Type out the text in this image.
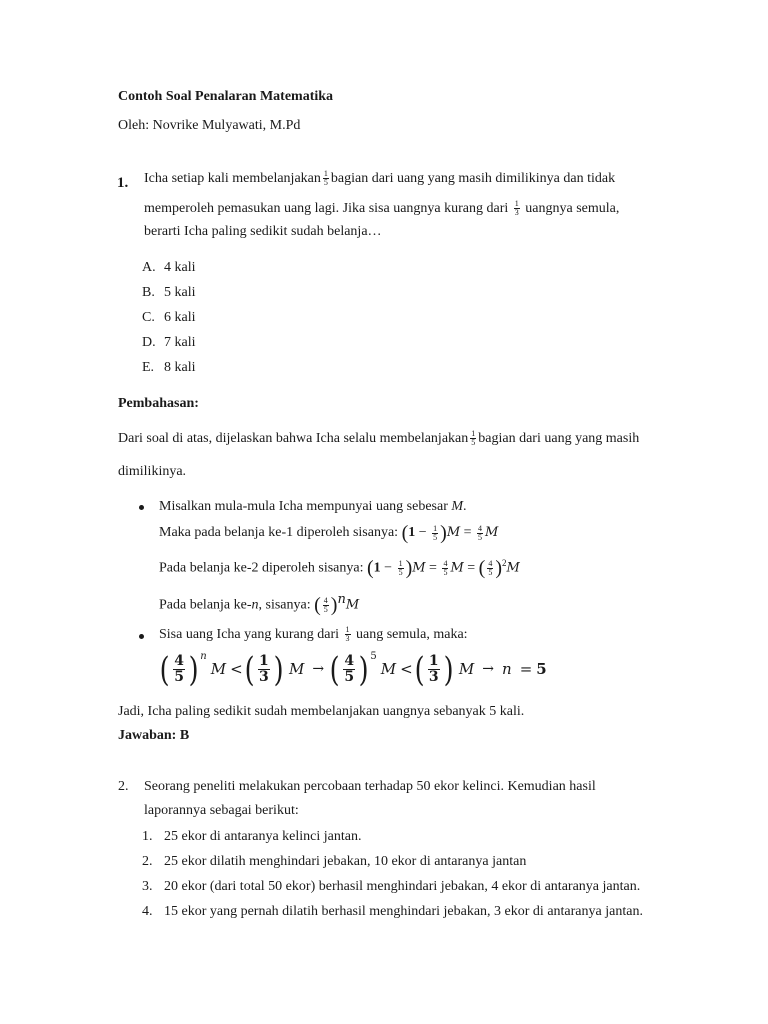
Contoh Soal Penalaran Matematika
Oleh: Novrike Mulyawati, M.Pd
1. Icha setiap kali membelanjakan $\frac{1}{5}$ bagian dari uang yang masih dimilikinya dan tidak
memperoleh pemasukan uang lagi. Jika sisa uangnya kurang dari $\frac{1}{3}$ uangnya semula,
berarti Icha paling sedikit sudah belanja…
A. 4 kali
B. 5 kali
C. 6 kali
D. 7 kali
E. 8 kali
Pembahasan:
Dari soal di atas, dijelaskan bahwa Icha selalu membelanjakan $\frac{1}{5}$ bagian dari uang yang masih
dimilikinya.
Misalkan mula-mula Icha mempunyai uang sebesar M.
Maka pada belanja ke-1 diperoleh sisanya: $(1 - \frac{1}{5} )M = \frac{4}{5}$ M
Pada belanja ke-2 diperoleh sisanya: $(1 - \frac{1}{5} )M = \frac{4}{5}$ M = ( $\frac{4}{5} )^2M$
Pada belanja ke-n, sisanya: ( $\frac{4}{5} )nM$
Sisa uang Icha yang kurang dari $\frac{1}{3}$ uang semula, maka:
( $\frac{4}{5}$ ) n
M < ( $\frac{1}{3}$ ) M → ( $\frac{4}{5}$ ) 5
M < ( $\frac{1}{3}$ ) M → n = 5
Jadi, Icha paling sedikit sudah membelanjakan uangnya sebanyak 5 kali.
Jawaban: B
2. Seorang peneliti melakukan percobaan terhadap 50 ekor kelinci. Kemudian hasil
laporannya sebagai berikut:
1. 25 ekor di antaranya kelinci jantan.
2. 25 ekor dilatih menghindari jebakan, 10 ekor di antaranya jantan
3. 20 ekor (dari total 50 ekor) berhasil menghindari jebakan, 4 ekor di antaranya jantan.
4. 15 ekor yang pernah dilatih berhasil menghindari jebakan, 3 ekor di antaranya jantan.
